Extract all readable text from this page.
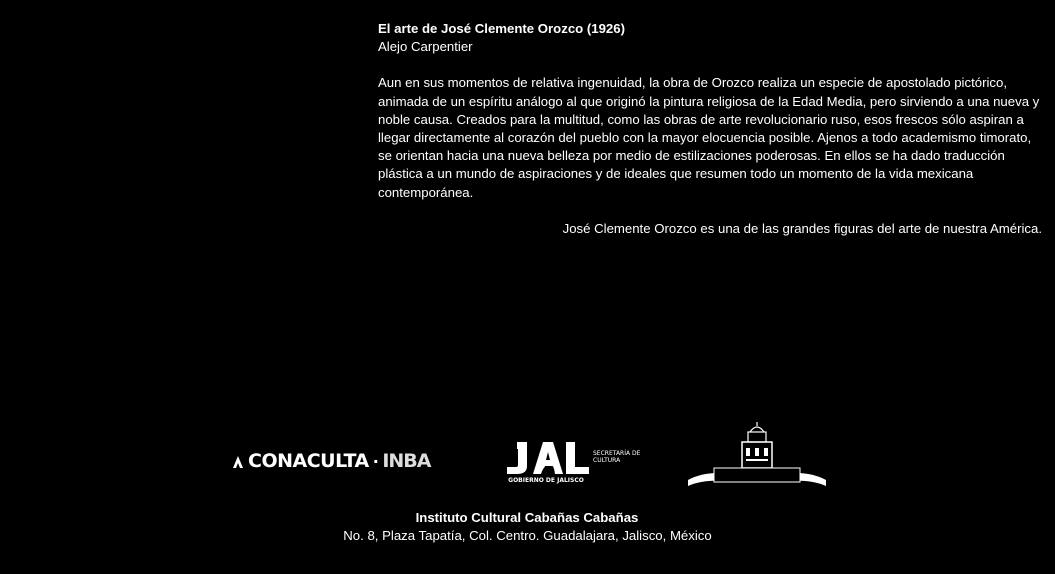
El arte de José Clemente Orozco (1926)

Alejo Carpentier

Aun en sus momentos de relativa ingenuidad, la obra de Orozco realiza un especie de apostolado pictórico, animada de un espíritu análogo al que originó la pintura religiosa de la Edad Media, pero sirviendo a una nueva y noble causa. Creados para la multitud, como las obras de arte revolucionario ruso, esos frescos sólo aspiran a llegar directamente al corazón del pueblo con la mayor elocuencia posible. Ajenos a todo academismo timorato, se orientan hacia una nueva belleza por medio de estilizaciones poderosas. En ellos se ha dado traducción plástica a un mundo de aspiraciones y de ideales que resumen todo un momento de la vida mexicana contemporánea.

José Clemente Orozco es una de las grandes figuras del arte de nuestra América.

CONACULTA · INBA	SECRETARÍA DE
CULTURA
GOBIERNO DE JALISCO
Instituto Cultural Cabañas Cabañas
No. 8, Plaza Tapatía, Col. Centro. Guadalajara, Jalisco, México
